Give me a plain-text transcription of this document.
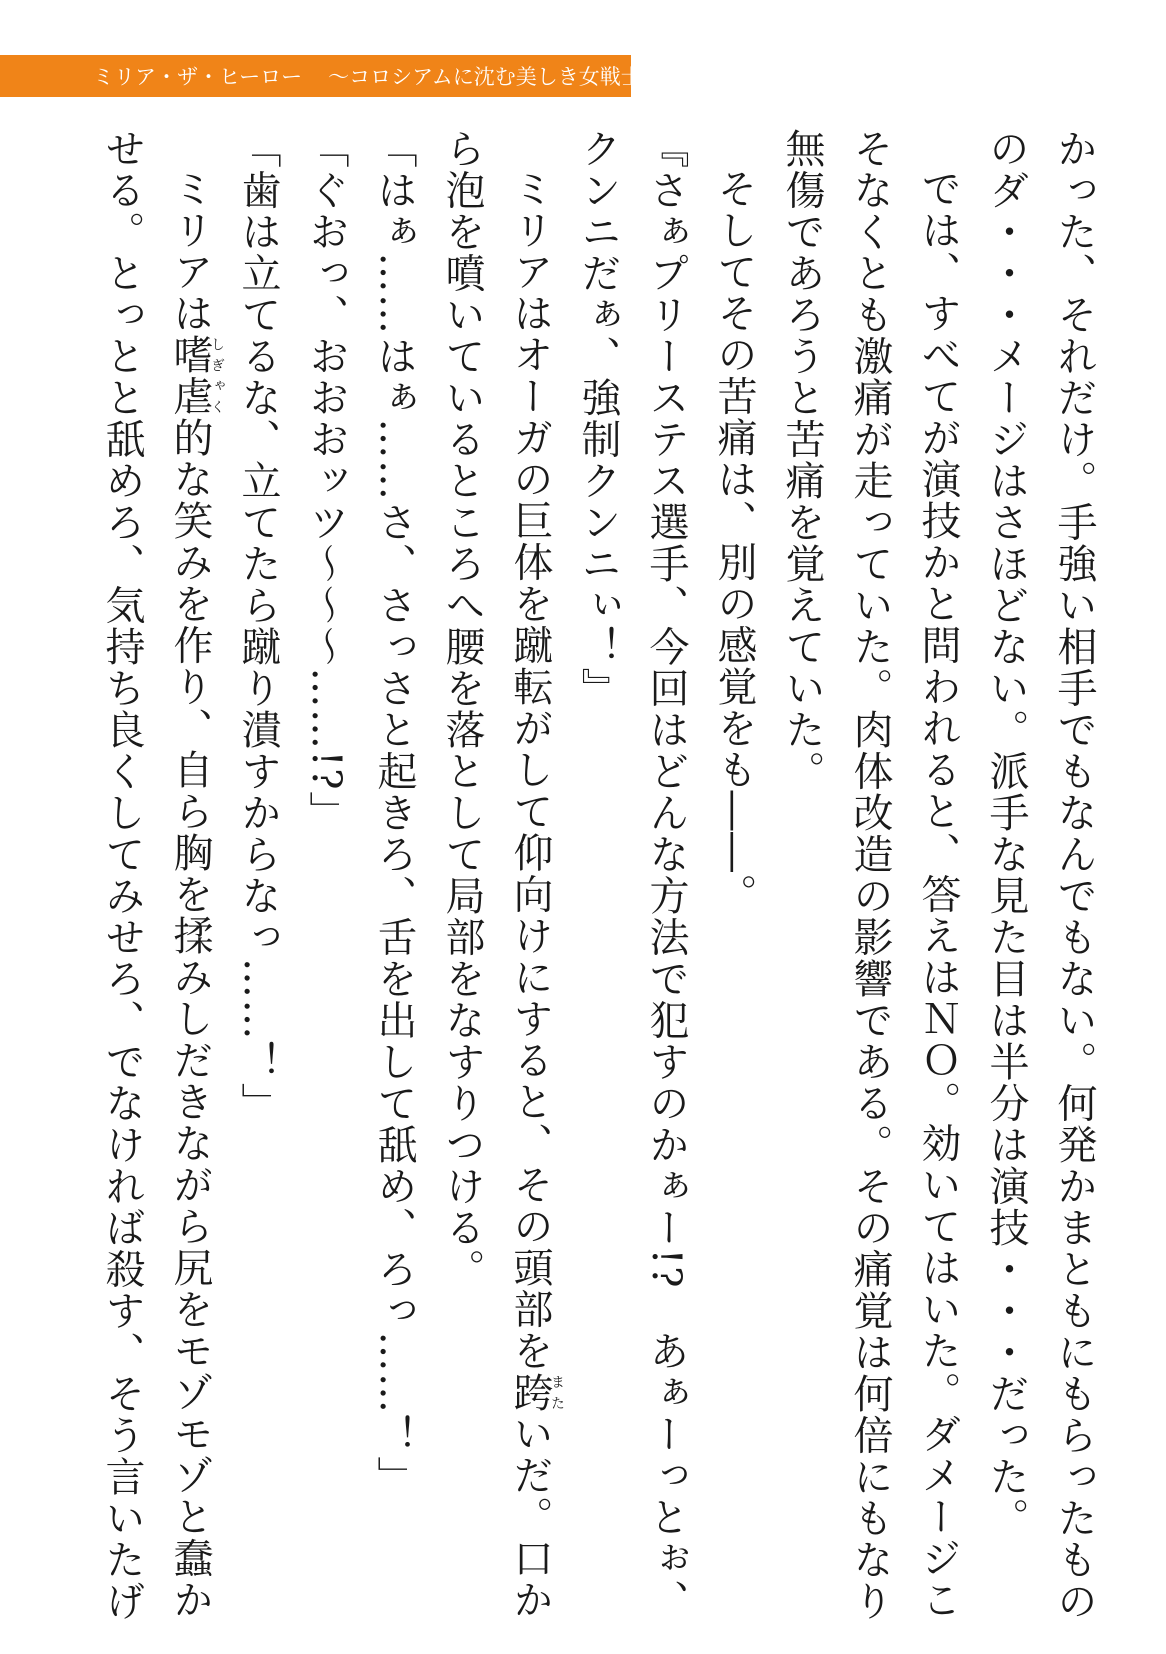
ミリア・ザ・ヒーロー 〜コロシアムに沈む美しき女戦士たち〜

かった、それだけ。手強い相手でもなんでもない。何発かまともにもらったもののダ・・・メージはさほどない。派手な見た目は半分は演技・・・だった。

では、すべてが演技かと問われると、答えはＮＯ。効いてはいた。ダメージこそなくとも激痛が走っていた。肉体改造の影響である。その痛覚は何倍にもなり無傷であろうと苦痛を覚えていた。

そしてその苦痛は、別の感覚をも――。

『さぁプリーステス選手、今回はどんな方法で犯すのかぁー!?　あぁーっとぉ、クンニだぁ、強制クンニぃ！』

ミリアはオーガの巨体を蹴転がして仰向けにすると、その頭部を跨またいだ。口から泡を噴いているところへ腰を落として局部をなすりつける。

「はぁ……はぁ……さ、さっさと起きろ、舌を出して舐め、ろっ……！」

「ぐおっ、おおおッツ〜〜〜……!?」

「歯は立てるな、立てたら蹴り潰すからなっ……！」

ミリアは嗜虐しぎゃく的な笑みを作り、自ら胸を揉みしだきながら尻をモゾモゾと蠢かせる。とっとと舐めろ、気持ち良くしてみせろ、でなければ殺す、そう言いたげ
